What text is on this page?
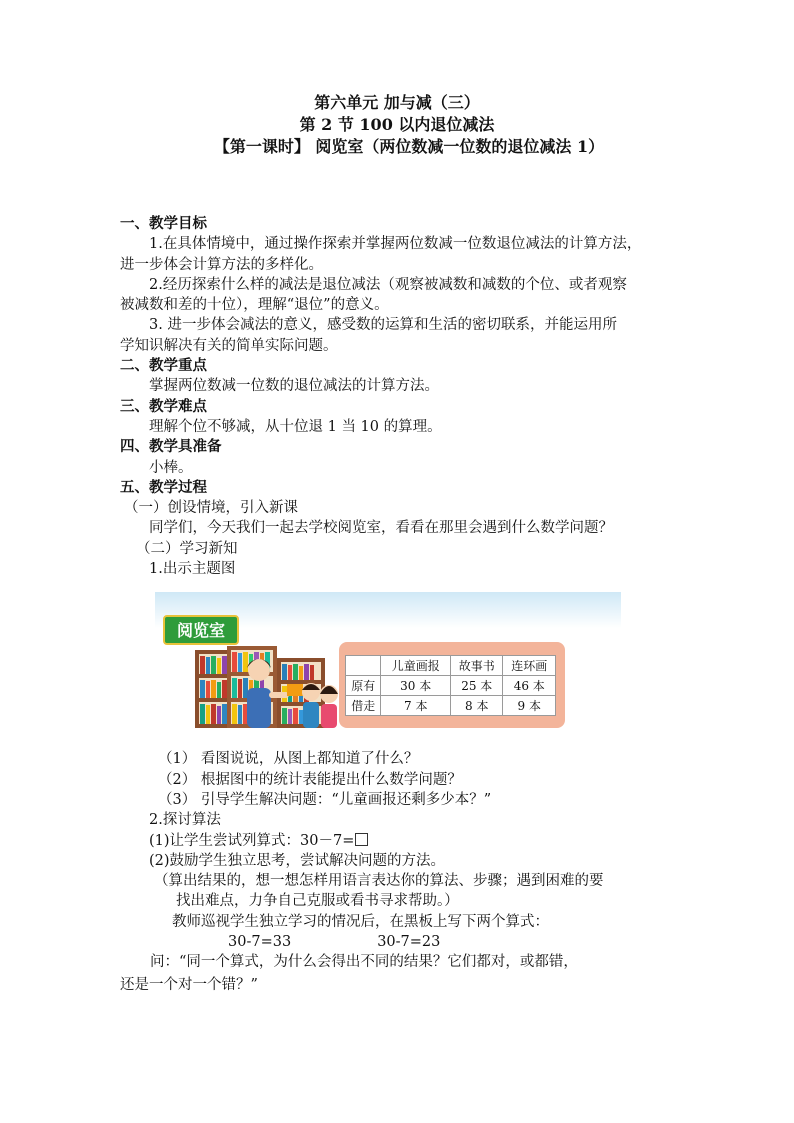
第六单元 加与减（三）
第 2 节 100 以内退位减法
【第一课时】 阅览室（两位数减一位数的退位减法 1）
一、教学目标
1.在具体情境中，通过操作探索并掌握两位数减一位数退位减法的计算方法，
进一步体会计算方法的多样化。
2.经历探索什么样的减法是退位减法（观察被减数和减数的个位、或者观察
被减数和差的十位），理解“退位”的意义。
3. 进一步体会减法的意义，感受数的运算和生活的密切联系，并能运用所
学知识解决有关的简单实际问题。
二、教学重点
掌握两位数减一位数的退位减法的计算方法。
三、教学难点
理解个位不够减，从十位退 1 当 10 的算理。
四、教学具准备
小棒。
五、教学过程
（一）创设情境，引入新课
同学们，今天我们一起去学校阅览室，看看在那里会遇到什么数学问题？
（二）学习新知
1.出示主题图
（1） 看图说说，从图上都知道了什么？
（2） 根据图中的统计表能提出什么数学问题？
（3） 引导学生解决问题：“儿童画报还剩多少本？”
2.探讨算法
(1)让学生尝试列算式：30－7=
(2)鼓励学生独立思考，尝试解决问题的方法。
（算出结果的，想一想怎样用语言表达你的算法、步骤；遇到困难的要
找出难点，力争自己克服或看书寻求帮助。）
教师巡视学生独立学习的情况后，在黑板上写下两个算式：
30-7=33	30-7=23
问：“同一个算式，为什么会得出不同的结果？它们都对，或都错，
还是一个对一个错？”
阅览室
	儿童画报	故事书	连环画
原有	30 本	25 本	46 本
借走	7 本	8 本	9 本
